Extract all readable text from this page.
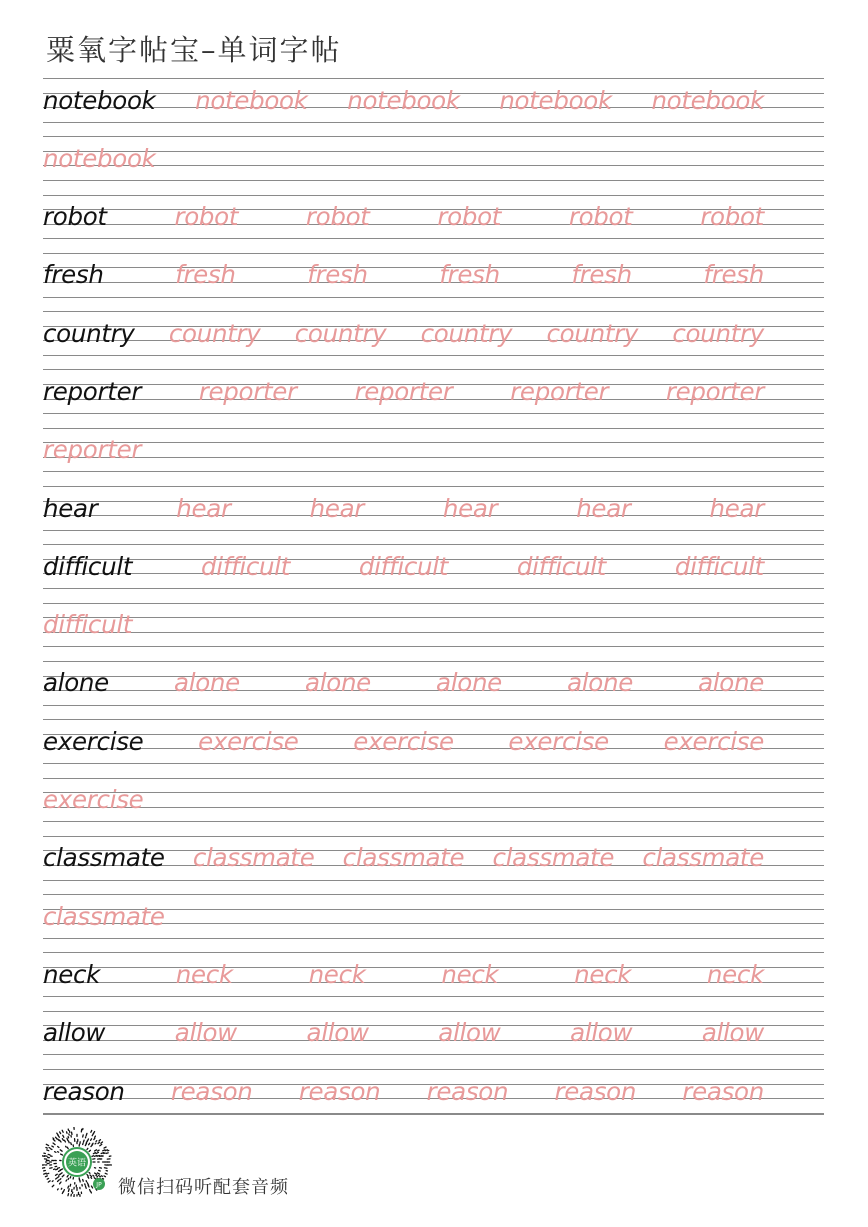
粟氧字帖宝–单词字帖
notebook notebook notebook notebook notebook
notebook
robot	robot	robot	robot	robot	robot
fresh	fresh	fresh	fresh	fresh	fresh
country country country country country country
reporter reporter reporter reporter reporter
reporter
hear	hear	hear	hear	hear	hear
difficult	difficult	difficult	difficult	difficult
difficult
alone	alone	alone	alone	alone	alone
exercise exercise exercise exercise exercise
exercise
classmate classmate classmate classmate classmate
classmate
neck	neck	neck	neck	neck	neck
allow	allow	allow	allow	allow	allow
reason reason reason reason reason reason
英语
JP 微信扫码听配套音频
